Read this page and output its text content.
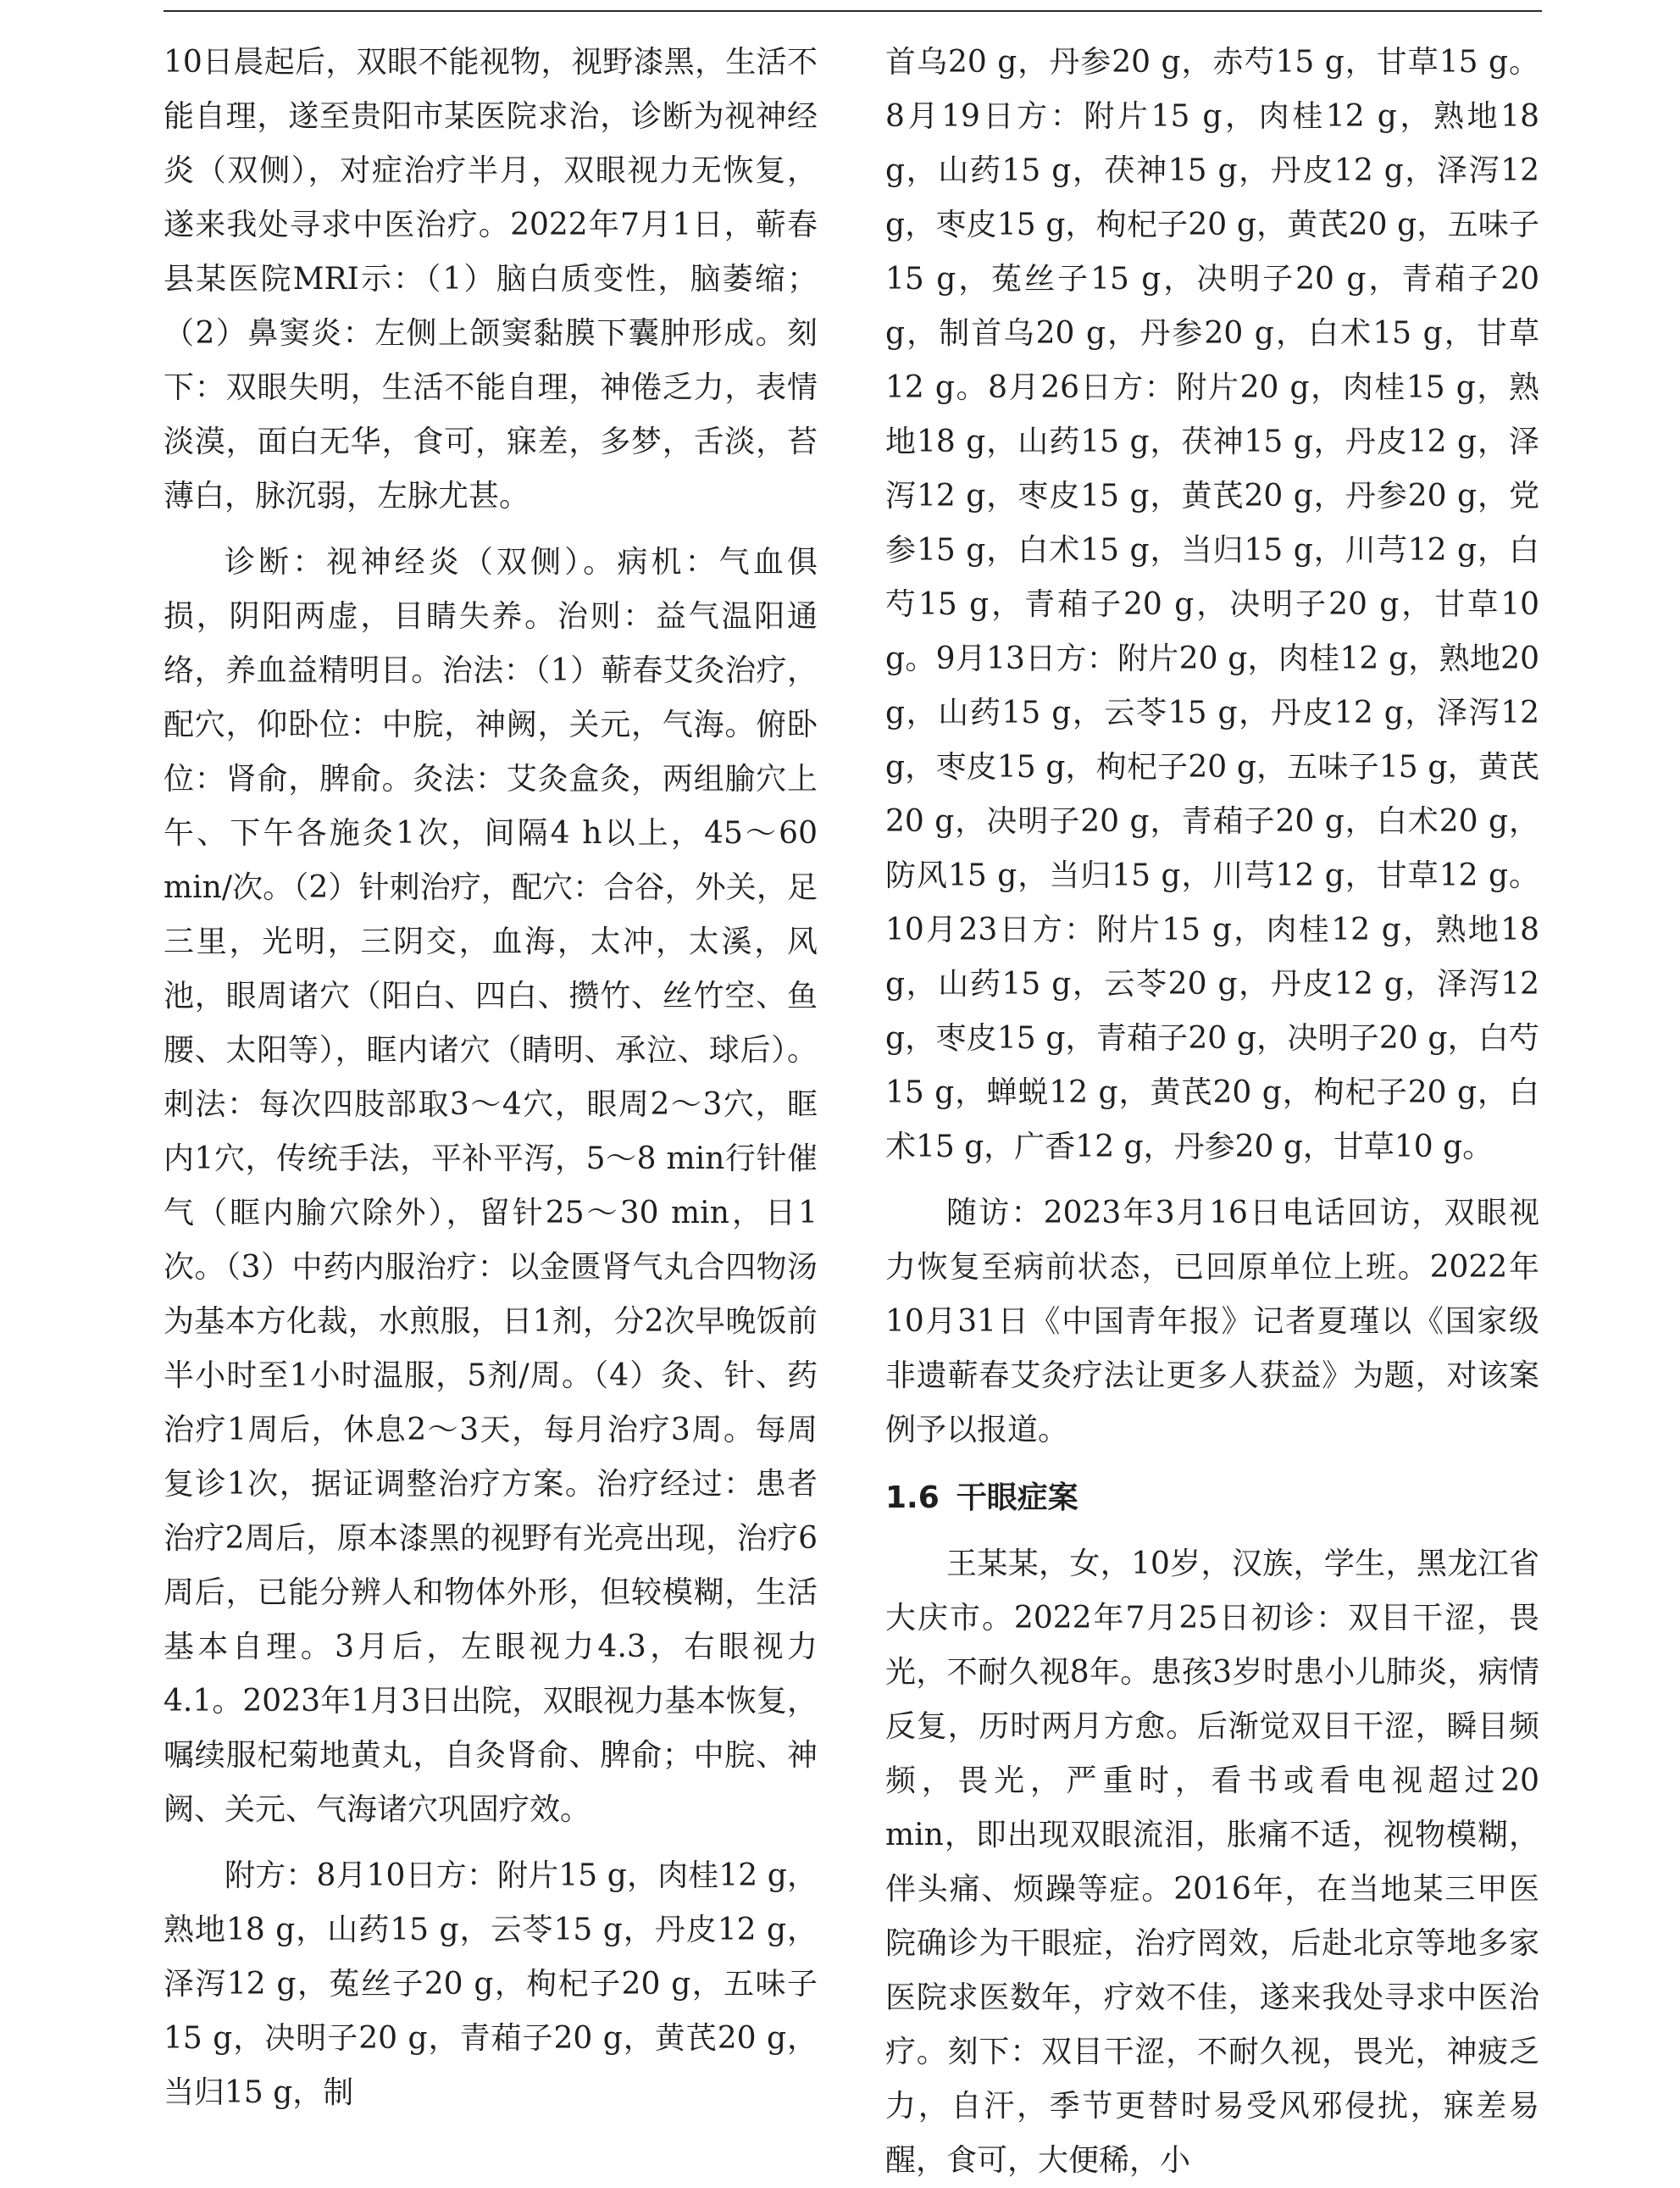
10日晨起后，双眼不能视物，视野漆黑，生活不能自理，遂至贵阳市某医院求治，诊断为视神经炎（双侧），对症治疗半月，双眼视力无恢复，遂来我处寻求中医治疗。2022年7月1日，蕲春县某医院MRI示：（1）脑白质变性，脑萎缩；（2）鼻窦炎：左侧上颌窦黏膜下囊肿形成。刻下：双眼失明，生活不能自理，神倦乏力，表情淡漠，面白无华，食可，寐差，多梦，舌淡，苔薄白，脉沉弱，左脉尤甚。

诊断：视神经炎（双侧）。病机：气血俱损，阴阳两虚，目睛失养。治则：益气温阳通络，养血益精明目。治法：（1）蕲春艾灸治疗，配穴，仰卧位：中脘，神阙，关元，气海。俯卧位：肾俞，脾俞。灸法：艾灸盒灸，两组腧穴上午、下午各施灸1次，间隔4 h以上，45～60 min/次。（2）针刺治疗，配穴：合谷，外关，足三里，光明，三阴交，血海，太冲，太溪，风池，眼周诸穴（阳白、四白、攒竹、丝竹空、鱼腰、太阳等），眶内诸穴（睛明、承泣、球后）。刺法：每次四肢部取3～4穴，眼周2～3穴，眶内1穴，传统手法，平补平泻，5～8 min行针催气（眶内腧穴除外），留针25～30 min，日1次。（3）中药内服治疗：以金匮肾气丸合四物汤为基本方化裁，水煎服，日1剂，分2次早晚饭前半小时至1小时温服，5剂/周。（4）灸、针、药治疗1周后，休息2～3天，每月治疗3周。每周复诊1次，据证调整治疗方案。治疗经过：患者治疗2周后，原本漆黑的视野有光亮出现，治疗6周后，已能分辨人和物体外形，但较模糊，生活基本自理。3月后，左眼视力4.3，右眼视力4.1。2023年1月3日出院，双眼视力基本恢复，嘱续服杞菊地黄丸，自灸肾俞、脾俞；中脘、神阙、关元、气海诸穴巩固疗效。

附方：8月10日方：附片15 g，肉桂12 g，熟地18 g，山药15 g，云苓15 g，丹皮12 g，泽泻12 g，菟丝子20 g，枸杞子20 g，五味子15 g，决明子20 g，青葙子20 g，黄芪20 g，当归15 g，制

首乌20 g，丹参20 g，赤芍15 g，甘草15 g。8月19日方：附片15 g，肉桂12 g，熟地18 g，山药15 g，茯神15 g，丹皮12 g，泽泻12 g，枣皮15 g，枸杞子20 g，黄芪20 g，五味子15 g，菟丝子15 g，决明子20 g，青葙子20 g，制首乌20 g，丹参20 g，白术15 g，甘草12 g。8月26日方：附片20 g，肉桂15 g，熟地18 g，山药15 g，茯神15 g，丹皮12 g，泽泻12 g，枣皮15 g，黄芪20 g，丹参20 g，党参15 g，白术15 g，当归15 g，川芎12 g，白芍15 g，青葙子20 g，决明子20 g，甘草10 g。9月13日方：附片20 g，肉桂12 g，熟地20 g，山药15 g，云苓15 g，丹皮12 g，泽泻12 g，枣皮15 g，枸杞子20 g，五味子15 g，黄芪20 g，决明子20 g，青葙子20 g，白术20 g，防风15 g，当归15 g，川芎12 g，甘草12 g。10月23日方：附片15 g，肉桂12 g，熟地18 g，山药15 g，云苓20 g，丹皮12 g，泽泻12 g，枣皮15 g，青葙子20 g，决明子20 g，白芍15 g，蝉蜕12 g，黄芪20 g，枸杞子20 g，白术15 g，广香12 g，丹参20 g，甘草10 g。

随访：2023年3月16日电话回访，双眼视力恢复至病前状态，已回原单位上班。2022年10月31日《中国青年报》记者夏瑾以《国家级非遗蕲春艾灸疗法让更多人获益》为题，对该案例予以报道。

1.6 干眼症案

王某某，女，10岁，汉族，学生，黑龙江省大庆市。2022年7月25日初诊：双目干涩，畏光，不耐久视8年。患孩3岁时患小儿肺炎，病情反复，历时两月方愈。后渐觉双目干涩，瞬目频频，畏光，严重时，看书或看电视超过20 min，即出现双眼流泪，胀痛不适，视物模糊，伴头痛、烦躁等症。2016年，在当地某三甲医院确诊为干眼症，治疗罔效，后赴北京等地多家医院求医数年，疗效不佳，遂来我处寻求中医治疗。刻下：双目干涩，不耐久视，畏光，神疲乏力，自汗，季节更替时易受风邪侵扰，寐差易醒，食可，大便稀，小
